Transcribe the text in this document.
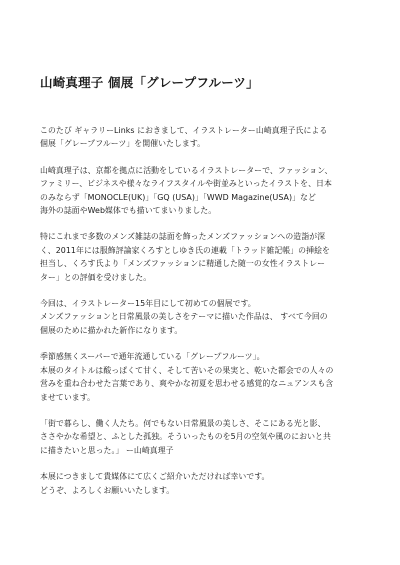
山崎真理子 個展「グレープフルーツ」

このたび ギャラリーLinks におきまして、イラストレーター山崎真理子氏による
個展「グレープフルーツ」を開催いたします。

山崎真理子は、京都を拠点に活動をしているイラストレーターで、ファッション、
ファミリー、ビジネスや様々なライフスタイルや街並みといったイラストを、日本
のみならず「MONOCLE(UK)」「GQ (USA)」「WWD Magazine(USA)」など
海外の誌面やWeb媒体でも描いてまいりました。

特にこれまで多数のメンズ雑誌の誌面を飾ったメンズファッションへの造詣が深
く、2011年には服飾評論家くろすとしゆき氏の連載「トラッド雑記帳」の挿絵を
担当し、くろす氏より「メンズファッションに精通した随一の女性イラストレー
ター」との評価を受けました。

今回は、イラストレーター15年目にして初めての個展です。
メンズファッションと日常風景の美しさをテーマに描いた作品は、 すべて今回の
個展のために描かれた新作になります。

季節感無くスーパーで通年流通している「グレープフルーツ」。
本展のタイトルは酸っぱくて甘く、そして苦いその果実と、乾いた都会での人々の
営みを重ね合わせた言葉であり、爽やかな初夏を思わせる感覚的なニュアンスも含
ませています。

「街で暮らし、働く人たち。何でもない日常風景の美しさ、そこにある光と影、
ささやかな希望と、ふとした孤独。そういったものを5月の空気や風のにおいと共
に描きたいと思った。」 ー山崎真理子

本展につきまして貴媒体にて広くご紹介いただければ幸いです。
どうぞ、よろしくお願いいたします。
